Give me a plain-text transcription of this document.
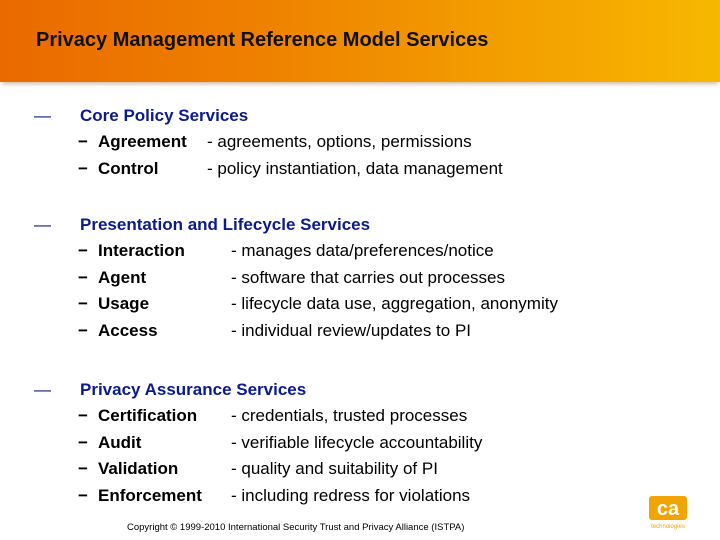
Privacy Management Reference Model Services
—	Core Policy Services
− Agreement - agreements, options, permissions
− Control	- policy instantiation, data management
—	Presentation and Lifecycle Services
− Interaction	- manages data/preferences/notice
− Agent	- software that carries out processes
− Usage	- lifecycle data use, aggregation, anonymity
− Access	- individual review/updates to PI
—	Privacy Assurance Services
− Certification - credentials, trusted processes
− Audit	- verifiable lifecycle accountability
− Validation	- quality and suitability of PI
− Enforcement - including redress for violations
Copyright © 1999-2010 International Security Trust and Privacy Alliance (ISTPA)
ca
technologies
